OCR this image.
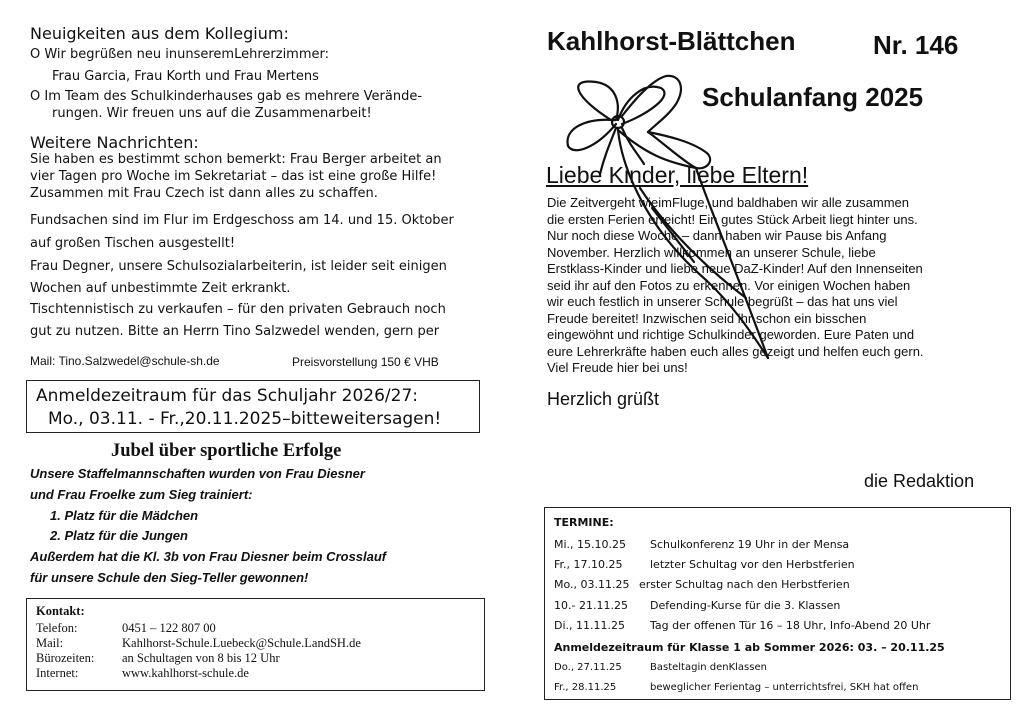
Neuigkeiten aus dem Kollegium:
O Wir begrüßen neu inunseremLehrerzimmer:
Frau Garcia, Frau Korth und Frau Mertens
O Im Team des Schulkinderhauses gab es mehrere Verände-
rungen. Wir freuen uns auf die Zusammenarbeit!
Weitere Nachrichten:
Sie haben es bestimmt schon bemerkt: Frau Berger arbeitet an
vier Tagen pro Woche im Sekretariat – das ist eine große Hilfe!
Zusammen mit Frau Czech ist dann alles zu schaffen.
Fundsachen sind im Flur im Erdgeschoss am 14. und 15. Oktober
auf großen Tischen ausgestellt!
Frau Degner, unsere Schulsozialarbeiterin, ist leider seit einigen
Wochen auf unbestimmte Zeit erkrankt.
Tischtennistisch zu verkaufen – für den privaten Gebrauch noch
gut zu nutzen. Bitte an Herrn Tino Salzwedel wenden, gern per
Mail: Tino.Salzwedel@schule-sh.de	Preisvorstellung 150 € VHB
Anmeldezeitraum für das Schuljahr 2026/27:
Mo., 03.11. - Fr.,20.11.2025–bitteweitersagen!
Jubel über sportliche Erfolge
Unsere Staffelmannschaften wurden von Frau Diesner
und Frau Froelke zum Sieg trainiert:
1. Platz für die Mädchen
2. Platz für die Jungen
Außerdem hat die Kl. 3b von Frau Diesner beim Crosslauf
für unsere Schule den Sieg-Teller gewonnen!
Kontakt:
Telefon:	0451 – 122 807 00
Mail:	Kahlhorst-Schule.Luebeck@Schule.LandSH.de
Bürozeiten:	an Schultagen von 8 bis 12 Uhr
Internet:	www.kahlhorst-schule.de
Kahlhorst-Blättchen	Nr. 146
Schulanfang 2025
Liebe Kinder, liebe Eltern!
Die Zeitvergeht wieimFluge, und baldhaben wir alle zusammen
die ersten Ferien erreicht! Ein gutes Stück Arbeit liegt hinter uns.
Nur noch diese Woche – dann haben wir Pause bis Anfang
November. Herzlich willkommen an unserer Schule, liebe
Erstklass-Kinder und liebe neue DaZ-Kinder! Auf den Innenseiten
seid ihr auf den Fotos zu erkennen. Vor einigen Wochen haben
wir euch festlich in unserer Schule begrüßt – das hat uns viel
Freude bereitet! Inzwischen seid ihr schon ein bisschen
eingewöhnt und richtige Schulkinder geworden. Eure Paten und
eure Lehrerkräfte haben euch alles gezeigt und helfen euch gern.
Viel Freude hier bei uns!
Herzlich grüßt
die Redaktion
TERMINE:
Mi., 15.10.25 Schulkonferenz 19 Uhr in der Mensa
Fr., 17.10.25 letzter Schultag vor den Herbstferien
Mo., 03.11.25 erster Schultag nach den Herbstferien
10.- 21.11.25 Defending-Kurse für die 3. Klassen
Di., 11.11.25 Tag der offenen Tür 16 – 18 Uhr, Info-Abend 20 Uhr
Anmeldezeitraum für Klasse 1 ab Sommer 2026: 03. – 20.11.25
Do., 27.11.25	Basteltagin denKlassen
Fr., 28.11.25	beweglicher Ferientag – unterrichtsfrei, SKH hat offen
